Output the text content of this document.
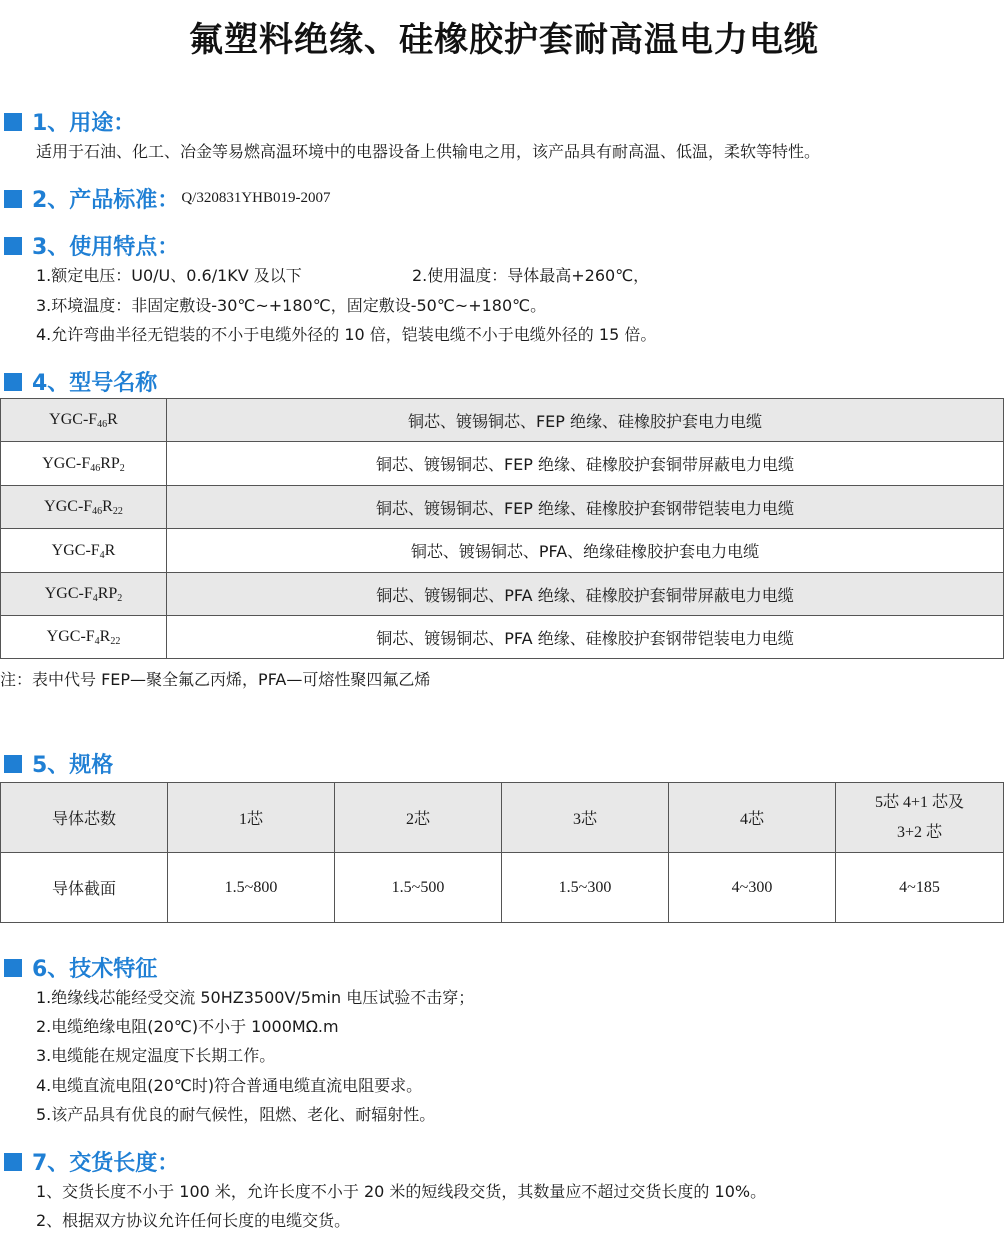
氟塑料绝缘、硅橡胶护套耐高温电力电缆
1、用途：
适用于石油、化工、冶金等易燃高温环境中的电器设备上供输电之用，该产品具有耐高温、低温，柔软等特性。
2、产品标准： Q/320831YHB019-2007
3、使用特点：
1.额定电压：U0/U、0.6/1KV 及以下	2.使用温度：导体最高+260℃，
3.环境温度：非固定敷设-30℃~+180℃，固定敷设-50℃~+180℃。
4.允许弯曲半径无铠装的不小于电缆外径的 10 倍，铠装电缆不小于电缆外径的 15 倍。
4、型号名称
YGC-$F_{46}R$	铜芯、镀锡铜芯、FEP 绝缘、硅橡胶护套电力电缆
YGC-$F_{46}RP_2$	铜芯、镀锡铜芯、FEP 绝缘、硅橡胶护套铜带屏蔽电力电缆
YGC-$F_{46}R_{22}$	铜芯、镀锡铜芯、FEP 绝缘、硅橡胶护套钢带铠装电力电缆
YGC-$F_4R$	铜芯、镀锡铜芯、PFA、绝缘硅橡胶护套电力电缆
YGC-$F_4RP_2$	铜芯、镀锡铜芯、PFA 绝缘、硅橡胶护套铜带屏蔽电力电缆
YGC-$F_4R_{22}$	铜芯、镀锡铜芯、PFA 绝缘、硅橡胶护套钢带铠装电力电缆
注：表中代号 FEP—聚全氟乙丙烯，PFA—可熔性聚四氟乙烯
5、规格
导体芯数	1芯	2芯	3芯	4芯	5芯 4+1 芯及
3+2 芯

导体截面	1.5~800	1.5~500	1.5~300	4~300	4~185
6、技术特征
1.绝缘线芯能经受交流 50HZ3500V/5min 电压试验不击穿；
2.电缆绝缘电阻(20℃)不小于 1000MΩ.m
3.电缆能在规定温度下长期工作。
4.电缆直流电阻(20℃时)符合普通电缆直流电阻要求。
5.该产品具有优良的耐气候性，阻燃、老化、耐辐射性。
7、交货长度：
1、交货长度不小于 100 米，允许长度不小于 20 米的短线段交货，其数量应不超过交货长度的 10%。
2、根据双方协议允许任何长度的电缆交货。
